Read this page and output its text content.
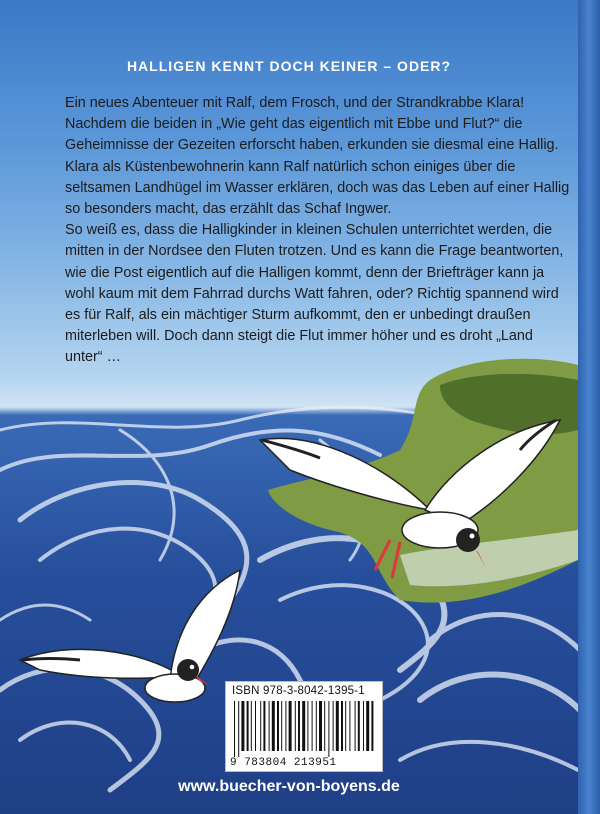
HALLIGEN KENNT DOCH KEINER – ODER?

Ein neues Abenteuer mit Ralf, dem Frosch, und der Strandkrabbe Klara! Nachdem die beiden in „Wie geht das eigentlich mit Ebbe und Flut?“ die Geheimnisse der Gezeiten erforscht haben, erkunden sie diesmal eine Hallig. Klara als Küstenbewohnerin kann Ralf natürlich schon einiges über die seltsamen Landhügel im Wasser erklären, doch was das Leben auf einer Hallig so besonders macht, das erzählt das Schaf Ingwer.

So weiß es, dass die Halligkinder in kleinen Schulen unterrichtet werden, die mitten in der Nordsee den Fluten trotzen. Und es kann die Frage beantworten, wie die Post eigentlich auf die Halligen kommt, denn der Briefträger kann ja wohl kaum mit dem Fahrrad durchs Watt fahren, oder? Richtig spannend wird es für Ralf, als ein mächtiger Sturm aufkommt, den er unbedingt draußen miterleben will. Doch dann steigt die Flut immer höher und es droht „Land unter“ …

ISBN 978-3-8042-1395-1
9 783804 213951
www.buecher-von-boyens.de
